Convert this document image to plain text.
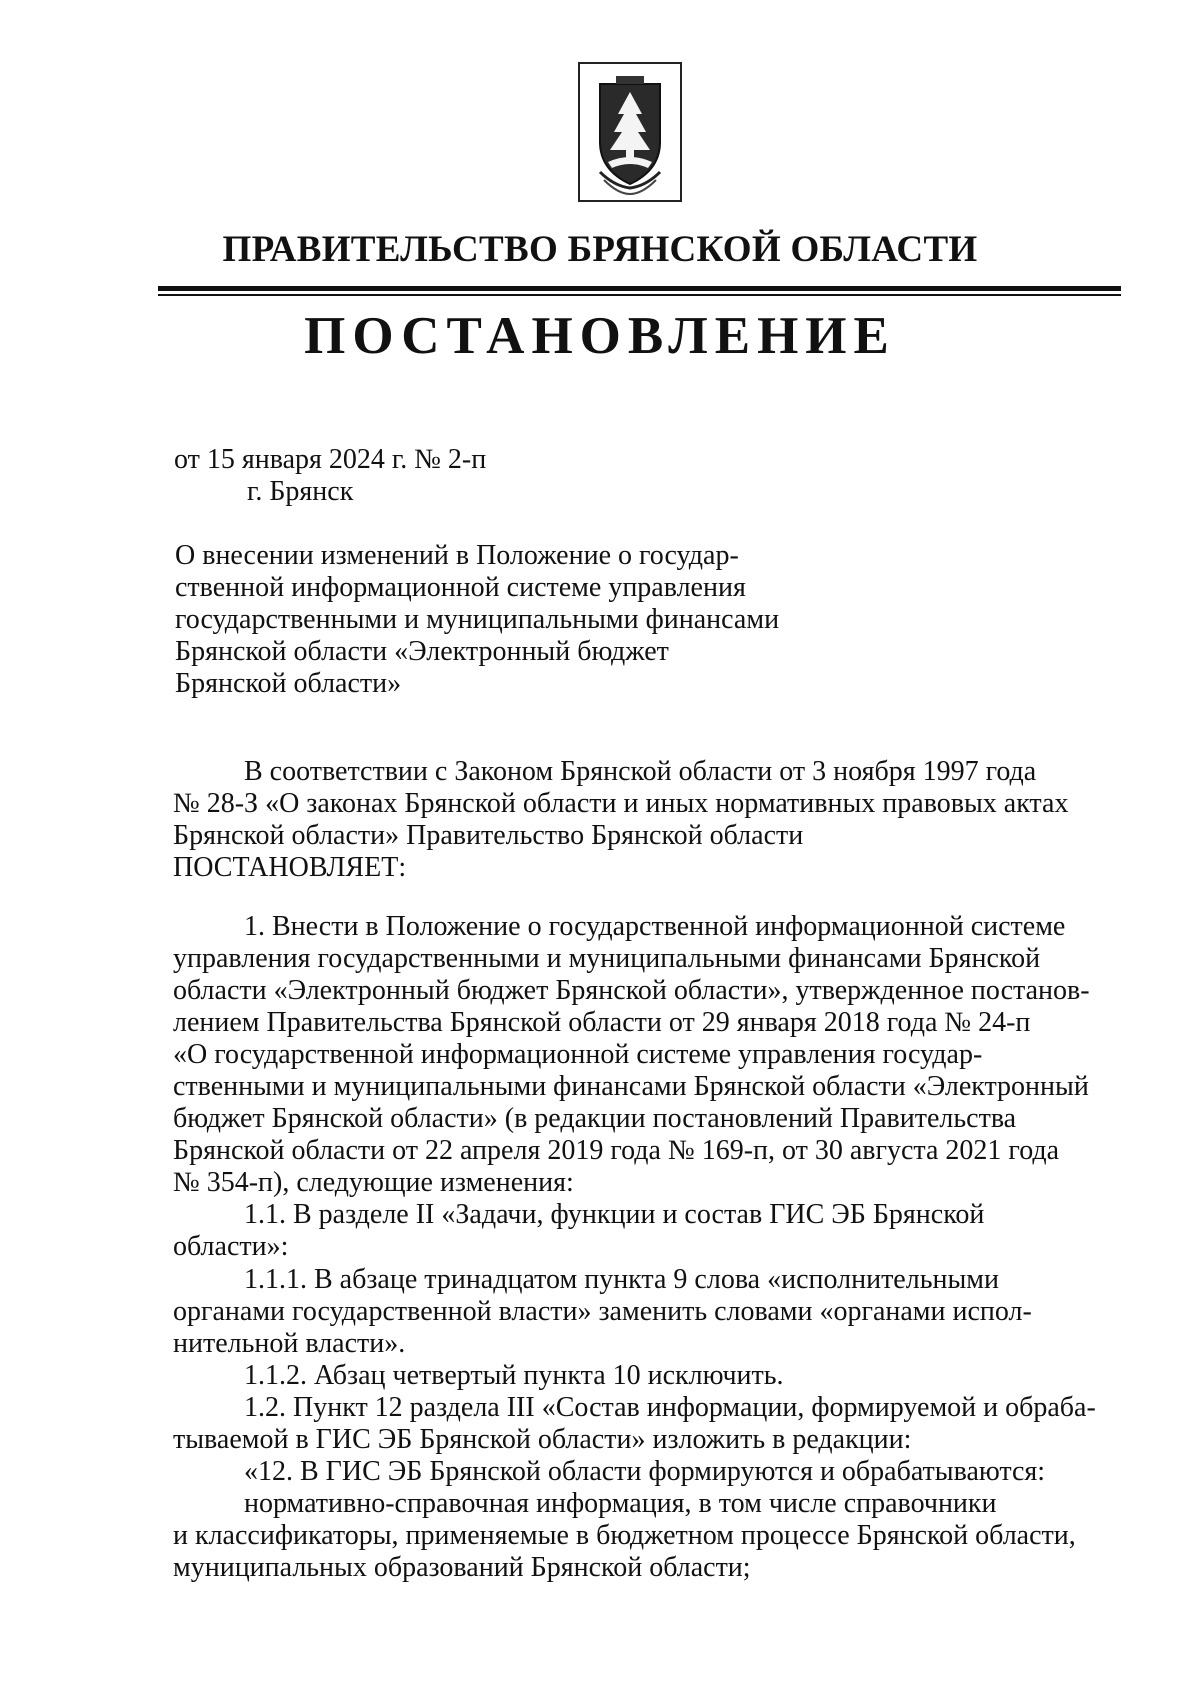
ПРАВИТЕЛЬСТВО БРЯНСКОЙ ОБЛАСТИ
ПОСТАНОВЛЕНИЕ
от 15 января 2024 г. № 2-п
г. Брянск
О внесении изменений в Положение о государ-
ственной информационной системе управления
государственными и муниципальными финансами
Брянской области «Электронный бюджет
Брянской области»
В соответствии с Законом Брянской области от 3 ноября 1997 года
№ 28-З «О законах Брянской области и иных нормативных правовых актах
Брянской области» Правительство Брянской области
ПОСТАНОВЛЯЕТ:
1. Внести в Положение о государственной информационной системе
управления государственными и муниципальными финансами Брянской
области «Электронный бюджет Брянской области», утвержденное постанов-
лением Правительства Брянской области от 29 января 2018 года № 24-п
«О государственной информационной системе управления государ-
ственными и муниципальными финансами Брянской области «Электронный
бюджет Брянской области» (в редакции постановлений Правительства
Брянской области от 22 апреля 2019 года № 169-п, от 30 августа 2021 года
№ 354-п), следующие изменения:
1.1. В разделе II «Задачи, функции и состав ГИС ЭБ Брянской
области»:
1.1.1. В абзаце тринадцатом пункта 9 слова «исполнительными
органами государственной власти» заменить словами «органами испол-
нительной власти».
1.1.2. Абзац четвертый пункта 10 исключить.
1.2. Пункт 12 раздела III «Состав информации, формируемой и обраба-
тываемой в ГИС ЭБ Брянской области» изложить в редакции:
«12. В ГИС ЭБ Брянской области формируются и обрабатываются:
нормативно-справочная информация, в том числе справочники
и классификаторы, применяемые в бюджетном процессе Брянской области,
муниципальных образований Брянской области;
